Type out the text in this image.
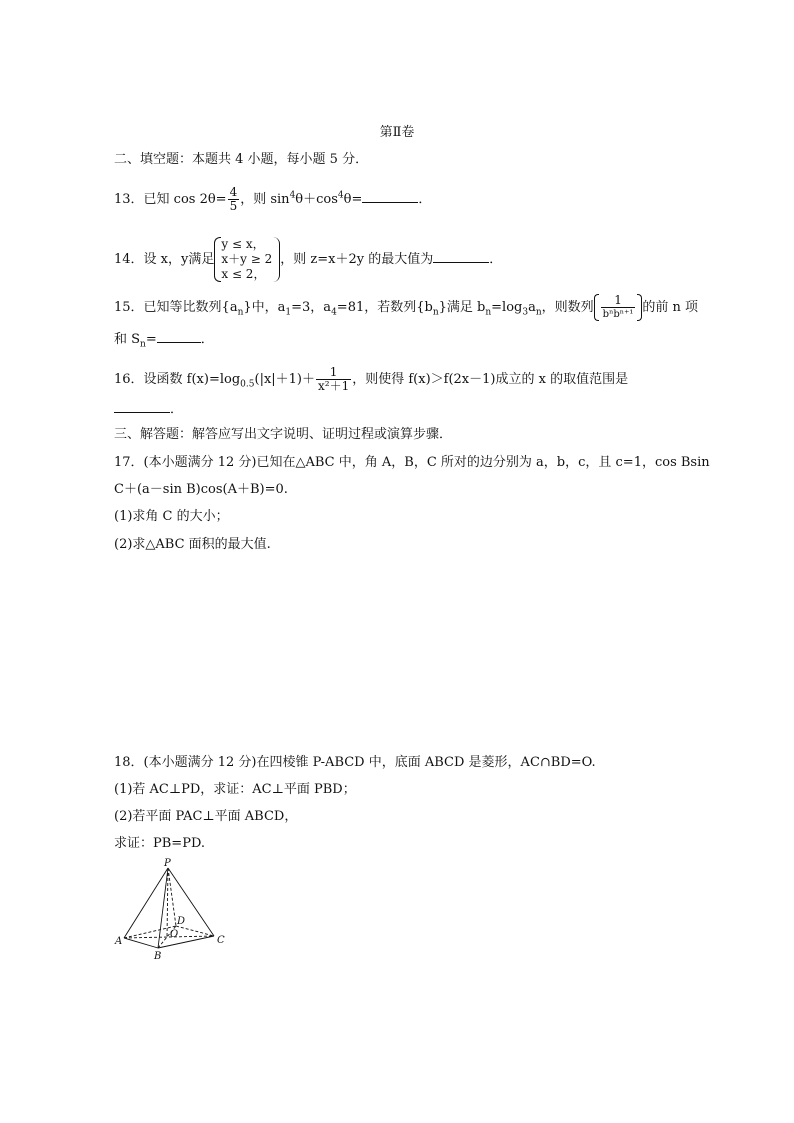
第Ⅱ卷
二、填空题：本题共 4 小题，每小题 5 分．
13．已知 $\cos 2\theta= \frac{4}{5}$ ，则 $\sin^4\theta+\cos^4\theta=$	．
14．设 x，y满足
y ≤ x，
x＋y ≥ 2
x ≤ 2，
，则 z=x＋2y 的最大值为	．
15．已知等比数列$\{a_n\}$中，$a_1=3$，$a_4=81$，若数列$\{b_n\}$满足 $b_n=\log_3a_n$，则数列 $\frac{1}{\text{bⁿbⁿ⁺¹}}$ 的前 n 项
和 $S_n=$	．
16．设函数 $f(x)=\log_{0.5}(|x|+1)+ \frac{1}{\text{x²＋1}}$ ，则使得 f(x)＞f(2x－1)成立的 x 的取值范围是
．
三、解答题：解答应写出文字说明、证明过程或演算步骤．
17．(本小题满分 12 分)已知在△ABC 中，角 A，B，C 所对的边分别为 a，b，c，且 c=1，cos Bsin
C＋(a－sin B)cos(A＋B)=0.
(1)求角 C 的大小；
(2)求△ABC 面积的最大值.
18．(本小题满分 12 分)在四棱锥 P-ABCD 中，底面 ABCD 是菱形，AC∩BD=O.
(1)若 AC⊥PD，求证：AC⊥平面 PBD；
(2)若平面 PAC⊥平面 ABCD，
求证：PB=PD.
P
A
B
C
D
O
